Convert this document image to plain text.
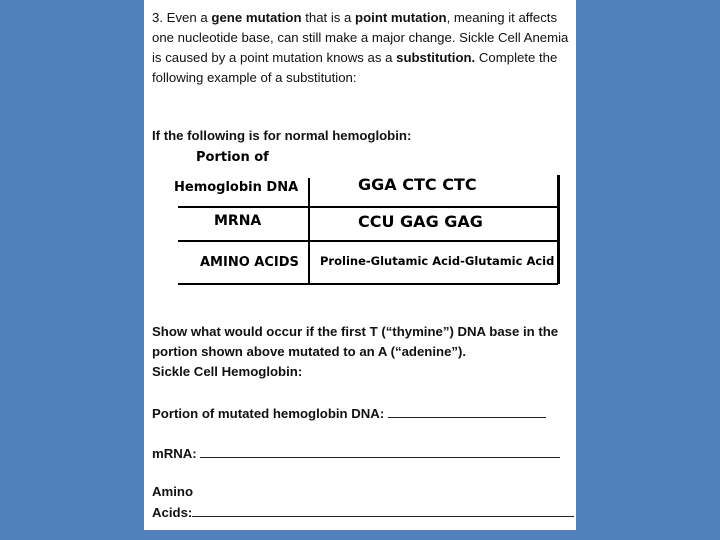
3. Even a gene mutation that is a point mutation, meaning it affects one nucleotide base, can still make a major change. Sickle Cell Anemia is caused by a point mutation knows as a substitution. Complete the following example of a substitution:
If the following is for normal hemoglobin:
Portion of
Hemoglobin DNA	GGA CTC CTC
MRNA	CCU GAG GAG
AMINO ACIDS Proline-Glutamic Acid-Glutamic Acid
Show what would occur if the first T (“thymine”) DNA base in the portion shown above mutated to an A (“adenine”).
Sickle Cell Hemoglobin:
Portion of mutated hemoglobin DNA:
mRNA:
Amino
Acids:
